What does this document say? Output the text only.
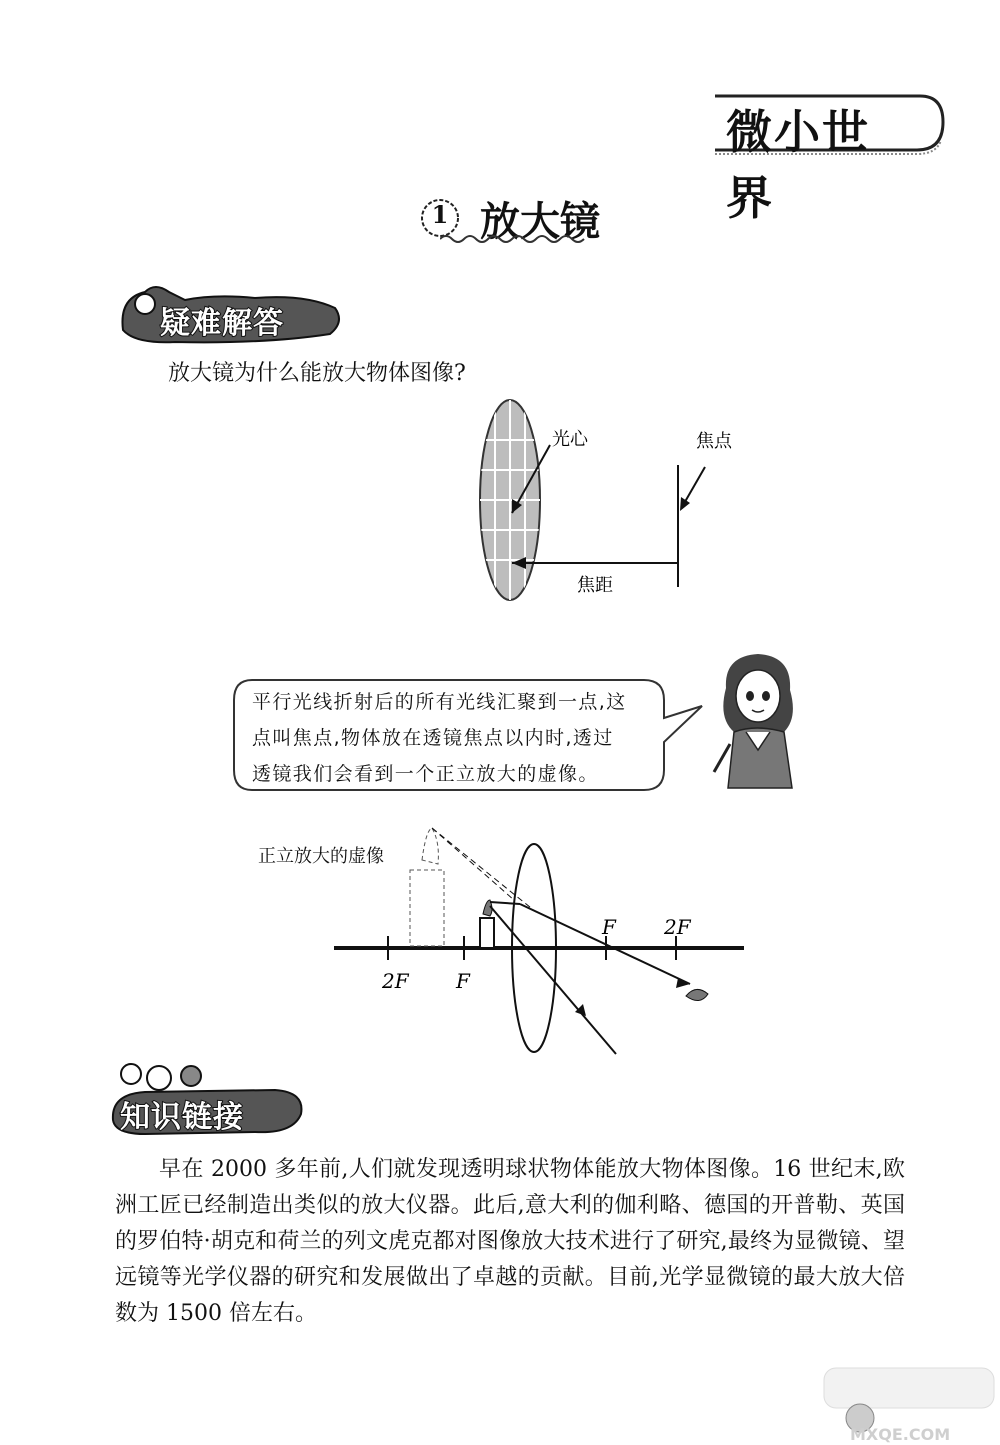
微小世界
1 放大镜
疑难解答
放大镜为什么能放大物体图像?
光心	焦点
焦距
平行光线折射后的所有光线汇聚到一点,这
点叫焦点,物体放在透镜焦点以内时,透过
透镜我们会看到一个正立放大的虚像。
2F F
F 2F
正立放大的虚像
知识链接
早在 2000 多年前,人们就发现透明球状物体能放大物体图像。16 世纪末,欧洲工匠已经制造出类似的放大仪器。此后,意大利的伽利略、德国的开普勒、英国的罗伯特·胡克和荷兰的列文虎克都对图像放大技术进行了研究,最终为显微镜、望远镜等光学仪器的研究和发展做出了卓越的贡献。目前,光学显微镜的最大放大倍数为 1500 倍左右。
MXQE.COM
